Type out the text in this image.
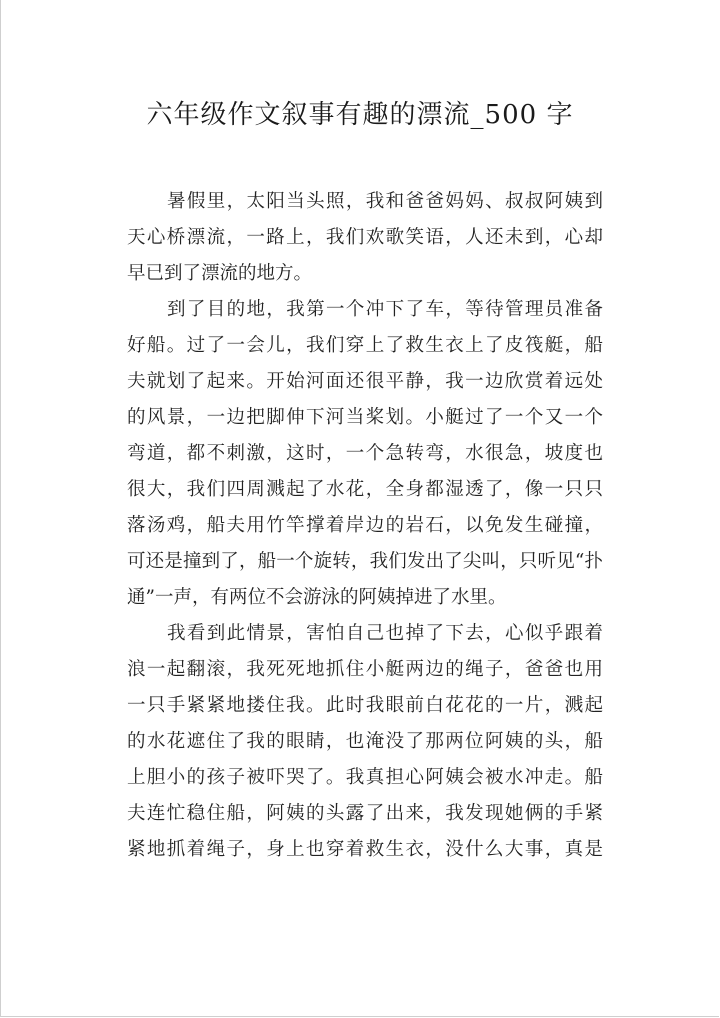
六年级作文叙事有趣的漂流_500 字
暑假里，太阳当头照，我和爸爸妈妈、叔叔阿姨到
天心桥漂流，一路上，我们欢歌笑语，人还未到，心却
早已到了漂流的地方。
到了目的地，我第一个冲下了车，等待管理员准备
好船。过了一会儿，我们穿上了救生衣上了皮筏艇，船
夫就划了起来。开始河面还很平静，我一边欣赏着远处
的风景，一边把脚伸下河当桨划。小艇过了一个又一个
弯道，都不刺激，这时，一个急转弯，水很急，坡度也
很大，我们四周溅起了水花，全身都湿透了，像一只只
落汤鸡，船夫用竹竿撑着岸边的岩石，以免发生碰撞，
可还是撞到了，船一个旋转，我们发出了尖叫，只听见“扑
通”一声，有两位不会游泳的阿姨掉进了水里。
我看到此情景，害怕自己也掉了下去，心似乎跟着
浪一起翻滚，我死死地抓住小艇两边的绳子，爸爸也用
一只手紧紧地搂住我。此时我眼前白花花的一片，溅起
的水花遮住了我的眼睛，也淹没了那两位阿姨的头，船
上胆小的孩子被吓哭了。我真担心阿姨会被水冲走。船
夫连忙稳住船，阿姨的头露了出来，我发现她俩的手紧
紧地抓着绳子，身上也穿着救生衣，没什么大事，真是
